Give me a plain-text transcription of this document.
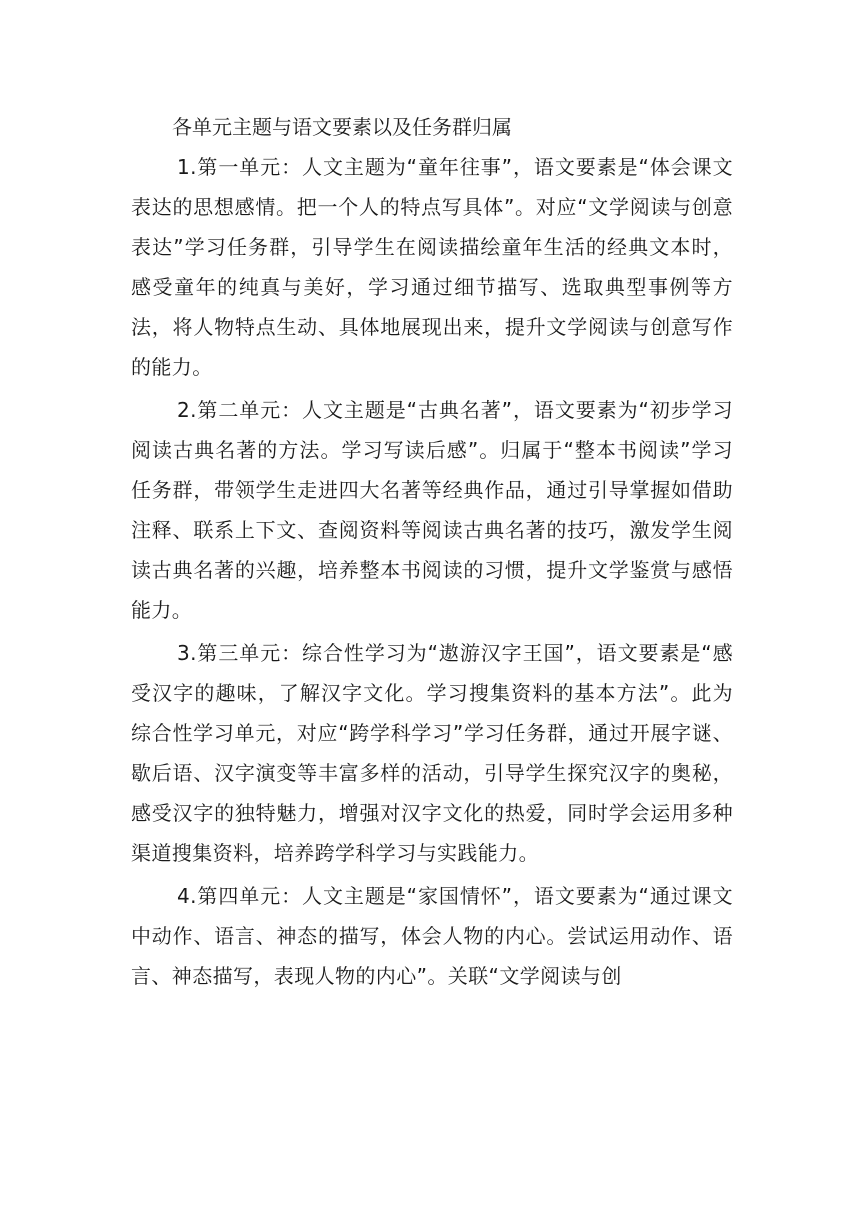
各单元主题与语文要素以及任务群归属

1.第一单元：人文主题为“童年往事”，语文要素是“体会课文表达的思想感情。把一个人的特点写具体”。对应“文学阅读与创意表达”学习任务群，引导学生在阅读描绘童年生活的经典文本时，感受童年的纯真与美好，学习通过细节描写、选取典型事例等方法，将人物特点生动、具体地展现出来，提升文学阅读与创意写作的能力。

2.第二单元：人文主题是“古典名著”，语文要素为“初步学习阅读古典名著的方法。学习写读后感”。归属于“整本书阅读”学习任务群，带领学生走进四大名著等经典作品，通过引导掌握如借助注释、联系上下文、查阅资料等阅读古典名著的技巧，激发学生阅读古典名著的兴趣，培养整本书阅读的习惯，提升文学鉴赏与感悟能力。

3.第三单元：综合性学习为“遨游汉字王国”，语文要素是“感受汉字的趣味，了解汉字文化。学习搜集资料的基本方法”。此为综合性学习单元，对应“跨学科学习”学习任务群，通过开展字谜、歇后语、汉字演变等丰富多样的活动，引导学生探究汉字的奥秘，感受汉字的独特魅力，增强对汉字文化的热爱，同时学会运用多种渠道搜集资料，培养跨学科学习与实践能力。

4.第四单元：人文主题是“家国情怀”，语文要素为“通过课文中动作、语言、神态的描写，体会人物的内心。尝试运用动作、语言、神态描写，表现人物的内心”。关联“文学阅读与创
